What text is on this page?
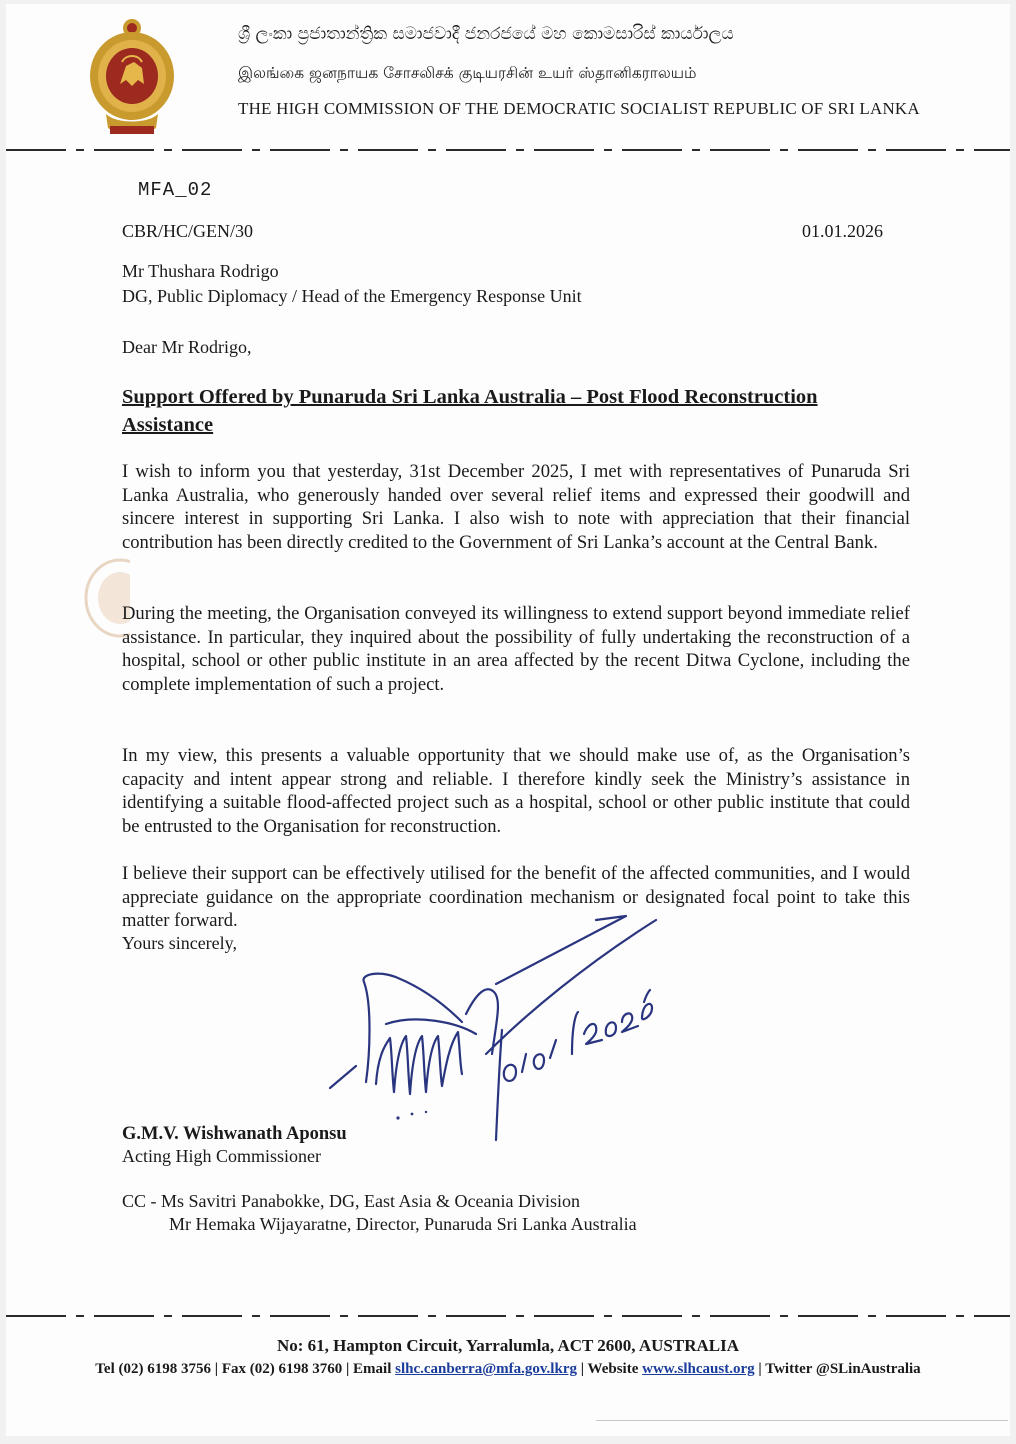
ශ්‍රී ලංකා ප්‍රජාතාන්ත්‍රික සමාජවාදී ජනරජයේ මහ කොමසාරිස් කාර්යාලය
இலங்கை ஜனநாயக சோசலிசக் குடியரசின் உயர் ஸ்தானிகராலயம்
THE HIGH COMMISSION OF THE DEMOCRATIC SOCIALIST REPUBLIC OF SRI LANKA
MFA_02
CBR/HC/GEN/30	01.01.2026
Mr Thushara Rodrigo
DG, Public Diplomacy / Head of the Emergency Response Unit
Dear Mr Rodrigo,
Support Offered by Punaruda Sri Lanka Australia – Post Flood Reconstruction Assistance
I wish to inform you that yesterday, 31st December 2025, I met with representatives of Punaruda Sri Lanka Australia, who generously handed over several relief items and expressed their goodwill and sincere interest in supporting Sri Lanka. I also wish to note with appreciation that their financial contribution has been directly credited to the Government of Sri Lanka’s account at the Central Bank.
During the meeting, the Organisation conveyed its willingness to extend support beyond immediate relief assistance. In particular, they inquired about the possibility of fully undertaking the reconstruction of a hospital, school or other public institute in an area affected by the recent Ditwa Cyclone, including the complete implementation of such a project.
In my view, this presents a valuable opportunity that we should make use of, as the Organisation’s capacity and intent appear strong and reliable. I therefore kindly seek the Ministry’s assistance in identifying a suitable flood-affected project such as a hospital, school or other public institute that could be entrusted to the Organisation for reconstruction.
I believe their support can be effectively utilised for the benefit of the affected communities, and I would appreciate guidance on the appropriate coordination mechanism or designated focal point to take this matter forward.
Yours sincerely,
G.M.V. Wishwanath Aponsu
Acting High Commissioner
CC - Ms Savitri Panabokke, DG, East Asia & Oceania Division
Mr Hemaka Wijayaratne, Director, Punaruda Sri Lanka Australia
No: 61, Hampton Circuit, Yarralumla, ACT 2600, AUSTRALIA
Tel (02) 6198 3756 | Fax (02) 6198 3760 | Email slhc.canberra@mfa.gov.lkrg | Website www.slhcaust.org | Twitter @SLinAustralia
